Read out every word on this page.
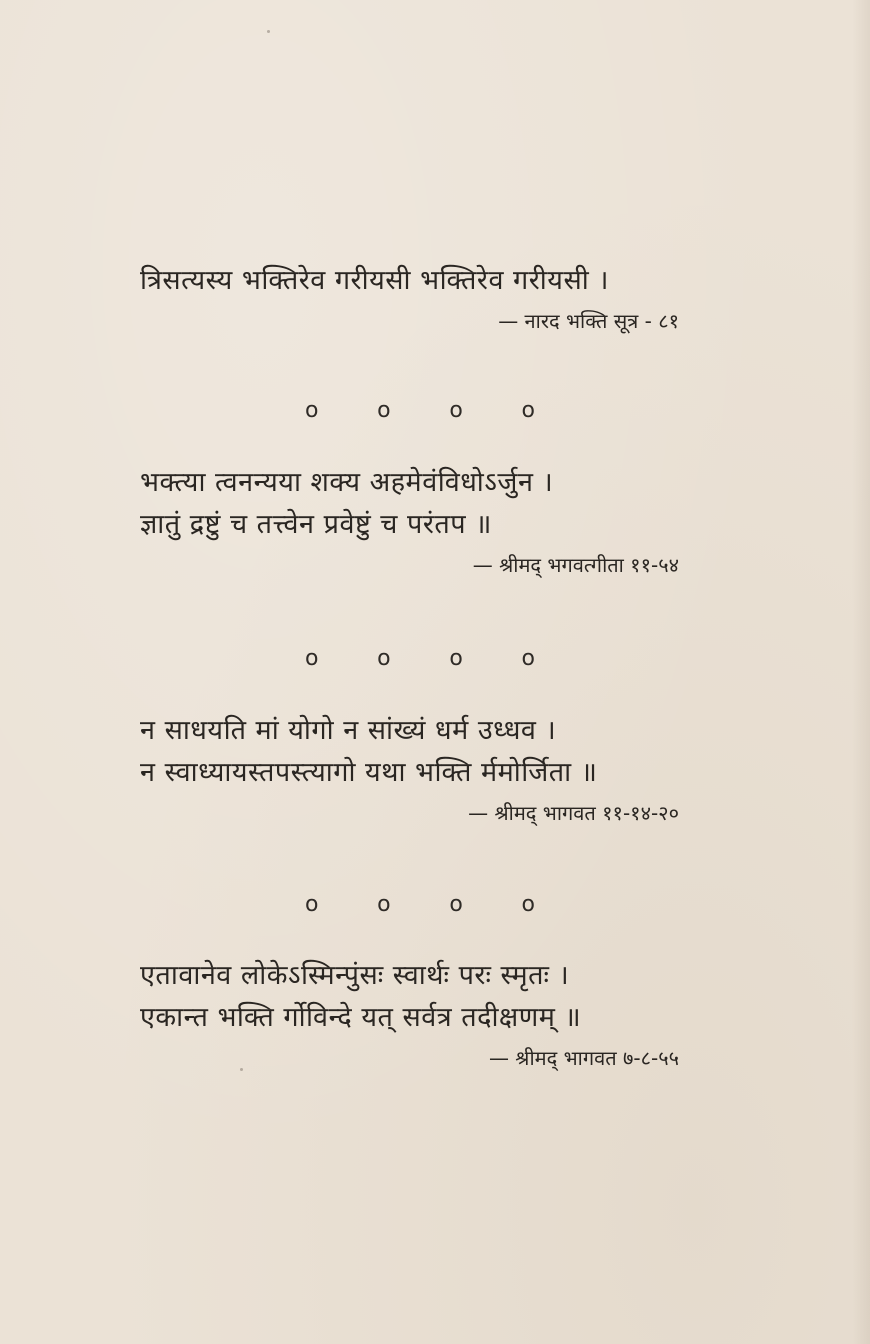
त्रिसत्यस्य भक्तिरेव गरीयसी भक्तिरेव गरीयसी ।
— नारद भक्ति सूत्र - ८१
o	o	o	o
भक्त्या त्वनन्यया शक्य अहमेवंविधोऽर्जुन ।
ज्ञातुं द्रष्टुं च तत्त्वेन प्रवेष्टुं च परंतप ॥
— श्रीमद् भगवत्गीता ११-५४
o	o	o	o
न साधयति मां योगो न सांख्यं धर्म उध्धव ।
न स्वाध्यायस्तपस्त्यागो यथा भक्ति र्ममोर्जिता ॥
— श्रीमद् भागवत ११-१४-२०
o	o	o	o
एतावानेव लोकेऽस्मिन्पुंसः स्वार्थः परः स्मृतः ।
एकान्त भक्ति र्गोविन्दे यत् सर्वत्र तदीक्षणम् ॥
— श्रीमद् भागवत ७-८-५५
